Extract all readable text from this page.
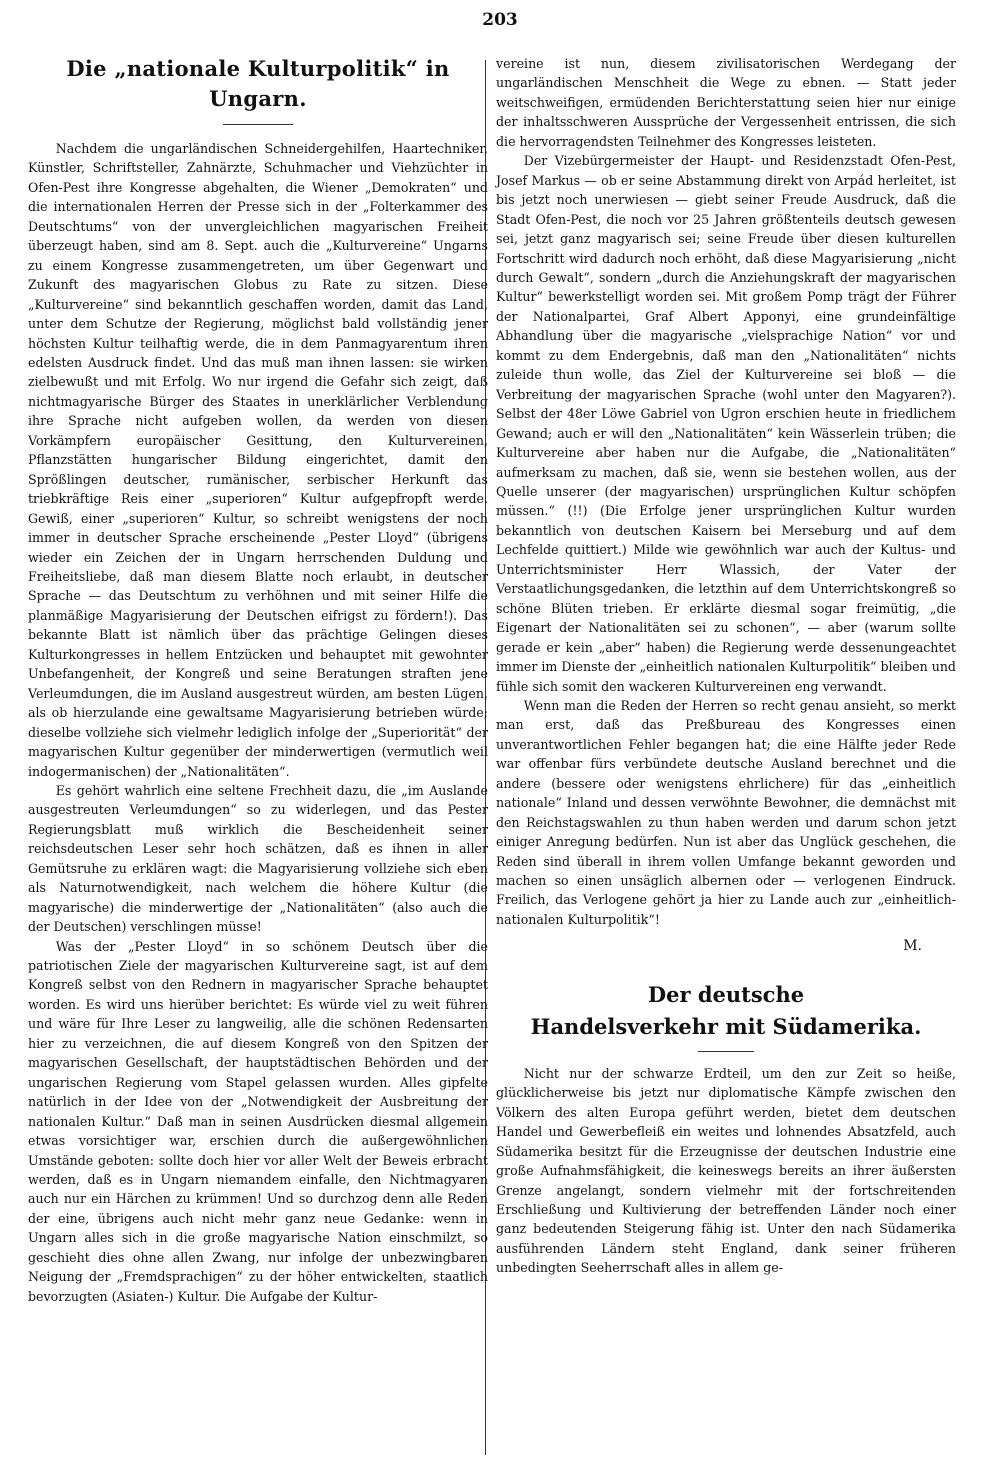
203
Die „nationale Kulturpolitik“ in Ungarn.

Nachdem die ungarländischen Schneidergehilfen, Haartechniker, Künstler, Schriftsteller, Zahnärzte, Schuhmacher und Viehzüchter in Ofen-Pest ihre Kongresse abgehalten, die Wiener „Demokraten“ und die internationalen Herren der Presse sich in der „Folterkammer des Deutschtums“ von der unvergleichlichen magyarischen Freiheit überzeugt haben, sind am 8. Sept. auch die „Kulturvereine“ Ungarns zu einem Kongresse zusammengetreten, um über Gegenwart und Zukunft des magyarischen Globus zu Rate zu sitzen. Diese „Kulturvereine“ sind bekanntlich geschaffen worden, damit das Land, unter dem Schutze der Regierung, möglichst bald vollständig jener höchsten Kultur teilhaftig werde, die in dem Panmagyarentum ihren edelsten Ausdruck findet. Und das muß man ihnen lassen: sie wirken zielbewußt und mit Erfolg. Wo nur irgend die Gefahr sich zeigt, daß nichtmagyarische Bürger des Staates in unerklärlicher Verblendung ihre Sprache nicht aufgeben wollen, da werden von diesen Vorkämpfern europäischer Gesittung, den Kulturvereinen, Pflanzstätten hungarischer Bildung eingerichtet, damit den Sprößlingen deutscher, rumänischer, serbischer Herkunft das triebkräftige Reis einer „superioren“ Kultur aufgepfropft werde. Gewiß, einer „superioren“ Kultur, so schreibt wenigstens der noch immer in deutscher Sprache erscheinende „Pester Lloyd“ (übrigens wieder ein Zeichen der in Ungarn herrschenden Duldung und Freiheitsliebe, daß man diesem Blatte noch erlaubt, in deutscher Sprache — das Deutschtum zu verhöhnen und mit seiner Hilfe die planmäßige Magyarisierung der Deutschen eifrigst zu fördern!). Das bekannte Blatt ist nämlich über das prächtige Gelingen dieses Kulturkongresses in hellem Entzücken und behauptet mit gewohnter Unbefangenheit, der Kongreß und seine Beratungen straften jene Verleumdungen, die im Ausland ausgestreut würden, am besten Lügen, als ob hierzulande eine gewaltsame Magyarisierung betrieben würde; dieselbe vollziehe sich vielmehr lediglich infolge der „Superiorität“ der magyarischen Kultur gegenüber der minderwertigen (vermutlich weil indogermanischen) der „Nationalitäten“.

Es gehört wahrlich eine seltene Frechheit dazu, die „im Auslande ausgestreuten Verleumdungen“ so zu widerlegen, und das Pester Regierungsblatt muß wirklich die Bescheidenheit seiner reichsdeutschen Leser sehr hoch schätzen, daß es ihnen in aller Gemütsruhe zu erklären wagt: die Magyarisierung vollziehe sich eben als Naturnotwendigkeit, nach welchem die höhere Kultur (die magyarische) die minderwertige der „Nationalitäten“ (also auch die der Deutschen) verschlingen müsse!

Was der „Pester Lloyd“ in so schönem Deutsch über die patriotischen Ziele der magyarischen Kulturvereine sagt, ist auf dem Kongreß selbst von den Rednern in magyarischer Sprache behauptet worden. Es wird uns hierüber berichtet: Es würde viel zu weit führen und wäre für Ihre Leser zu langweilig, alle die schönen Redensarten hier zu verzeichnen, die auf diesem Kongreß von den Spitzen der magyarischen Gesellschaft, der hauptstädtischen Behörden und der ungarischen Regierung vom Stapel gelassen wurden. Alles gipfelte natürlich in der Idee von der „Notwendigkeit der Ausbreitung der nationalen Kultur.“ Daß man in seinen Ausdrücken diesmal allgemein etwas vorsichtiger war, erschien durch die außergewöhnlichen Umstände geboten: sollte doch hier vor aller Welt der Beweis erbracht werden, daß es in Ungarn niemandem einfalle, den Nichtmagyaren auch nur ein Härchen zu krümmen! Und so durchzog denn alle Reden der eine, übrigens auch nicht mehr ganz neue Gedanke: wenn in Ungarn alles sich in die große magyarische Nation einschmilzt, so geschieht dies ohne allen Zwang, nur infolge der unbezwingbaren Neigung der „Fremdsprachigen“ zu der höher entwickelten, staatlich bevorzugten (Asiaten-) Kultur. Die Aufgabe der Kultur-

vereine ist nun, diesem zivilisatorischen Werdegang der ungarländischen Menschheit die Wege zu ebnen. — Statt jeder weitschweifigen, ermüdenden Berichterstattung seien hier nur einige der inhaltsschweren Aussprüche der Vergessenheit entrissen, die sich die hervorragendsten Teilnehmer des Kongresses leisteten.

Der Vizebürgermeister der Haupt- und Residenzstadt Ofen-Pest, Josef Markus — ob er seine Abstammung direkt von Arpád herleitet, ist bis jetzt noch unerwiesen — giebt seiner Freude Ausdruck, daß die Stadt Ofen-Pest, die noch vor 25 Jahren größtenteils deutsch gewesen sei, jetzt ganz magyarisch sei; seine Freude über diesen kulturellen Fortschritt wird dadurch noch erhöht, daß diese Magyarisierung „nicht durch Gewalt“, sondern „durch die Anziehungskraft der magyarischen Kultur“ bewerkstelligt worden sei. Mit großem Pomp trägt der Führer der Nationalpartei, Graf Albert Apponyi, eine grundeinfältige Abhandlung über die magyarische „vielsprachige Nation“ vor und kommt zu dem Endergebnis, daß man den „Nationalitäten“ nichts zuleide thun wolle, das Ziel der Kulturvereine sei bloß — die Verbreitung der magyarischen Sprache (wohl unter den Magyaren?). Selbst der 48er Löwe Gabriel von Ugron erschien heute in friedlichem Gewand; auch er will den „Nationalitäten“ kein Wässerlein trüben; die Kulturvereine aber haben nur die Aufgabe, die „Nationalitäten“ aufmerksam zu machen, daß sie, wenn sie bestehen wollen, aus der Quelle unserer (der magyarischen) ursprünglichen Kultur schöpfen müssen.“ (!!) (Die Erfolge jener ursprünglichen Kultur wurden bekanntlich von deutschen Kaisern bei Merseburg und auf dem Lechfelde quittiert.) Milde wie gewöhnlich war auch der Kultus- und Unterrichtsminister Herr Wlassich, der Vater der Verstaatlichungsgedanken, die letzthin auf dem Unterrichtskongreß so schöne Blüten trieben. Er erklärte diesmal sogar freimütig, „die Eigenart der Nationalitäten sei zu schonen“, — aber (warum sollte gerade er kein „aber“ haben) die Regierung werde dessenungeachtet immer im Dienste der „einheitlich nationalen Kulturpolitik“ bleiben und fühle sich somit den wackeren Kulturvereinen eng verwandt.

Wenn man die Reden der Herren so recht genau ansieht, so merkt man erst, daß das Preßbureau des Kongresses einen unverantwortlichen Fehler begangen hat; die eine Hälfte jeder Rede war offenbar fürs verbündete deutsche Ausland berechnet und die andere (bessere oder wenigstens ehrlichere) für das „einheitlich nationale“ Inland und dessen verwöhnte Bewohner, die demnächst mit den Reichstagswahlen zu thun haben werden und darum schon jetzt einiger Anregung bedürfen. Nun ist aber das Unglück geschehen, die Reden sind überall in ihrem vollen Umfange bekannt geworden und machen so einen unsäglich albernen oder — verlogenen Eindruck. Freilich, das Verlogene gehört ja hier zu Lande auch zur „einheitlich-nationalen Kulturpolitik“!

M.
Der deutsche
Handelsverkehr mit Südamerika.

Nicht nur der schwarze Erdteil, um den zur Zeit so heiße, glücklicherweise bis jetzt nur diplomatische Kämpfe zwischen den Völkern des alten Europa geführt werden, bietet dem deutschen Handel und Gewerbefleiß ein weites und lohnendes Absatzfeld, auch Südamerika besitzt für die Erzeugnisse der deutschen Industrie eine große Aufnahmsfähigkeit, die keineswegs bereits an ihrer äußersten Grenze angelangt, sondern vielmehr mit der fortschreitenden Erschließung und Kultivierung der betreffenden Länder noch einer ganz bedeutenden Steigerung fähig ist. Unter den nach Südamerika ausführenden Ländern steht England, dank seiner früheren unbedingten Seeherrschaft alles in allem ge-
